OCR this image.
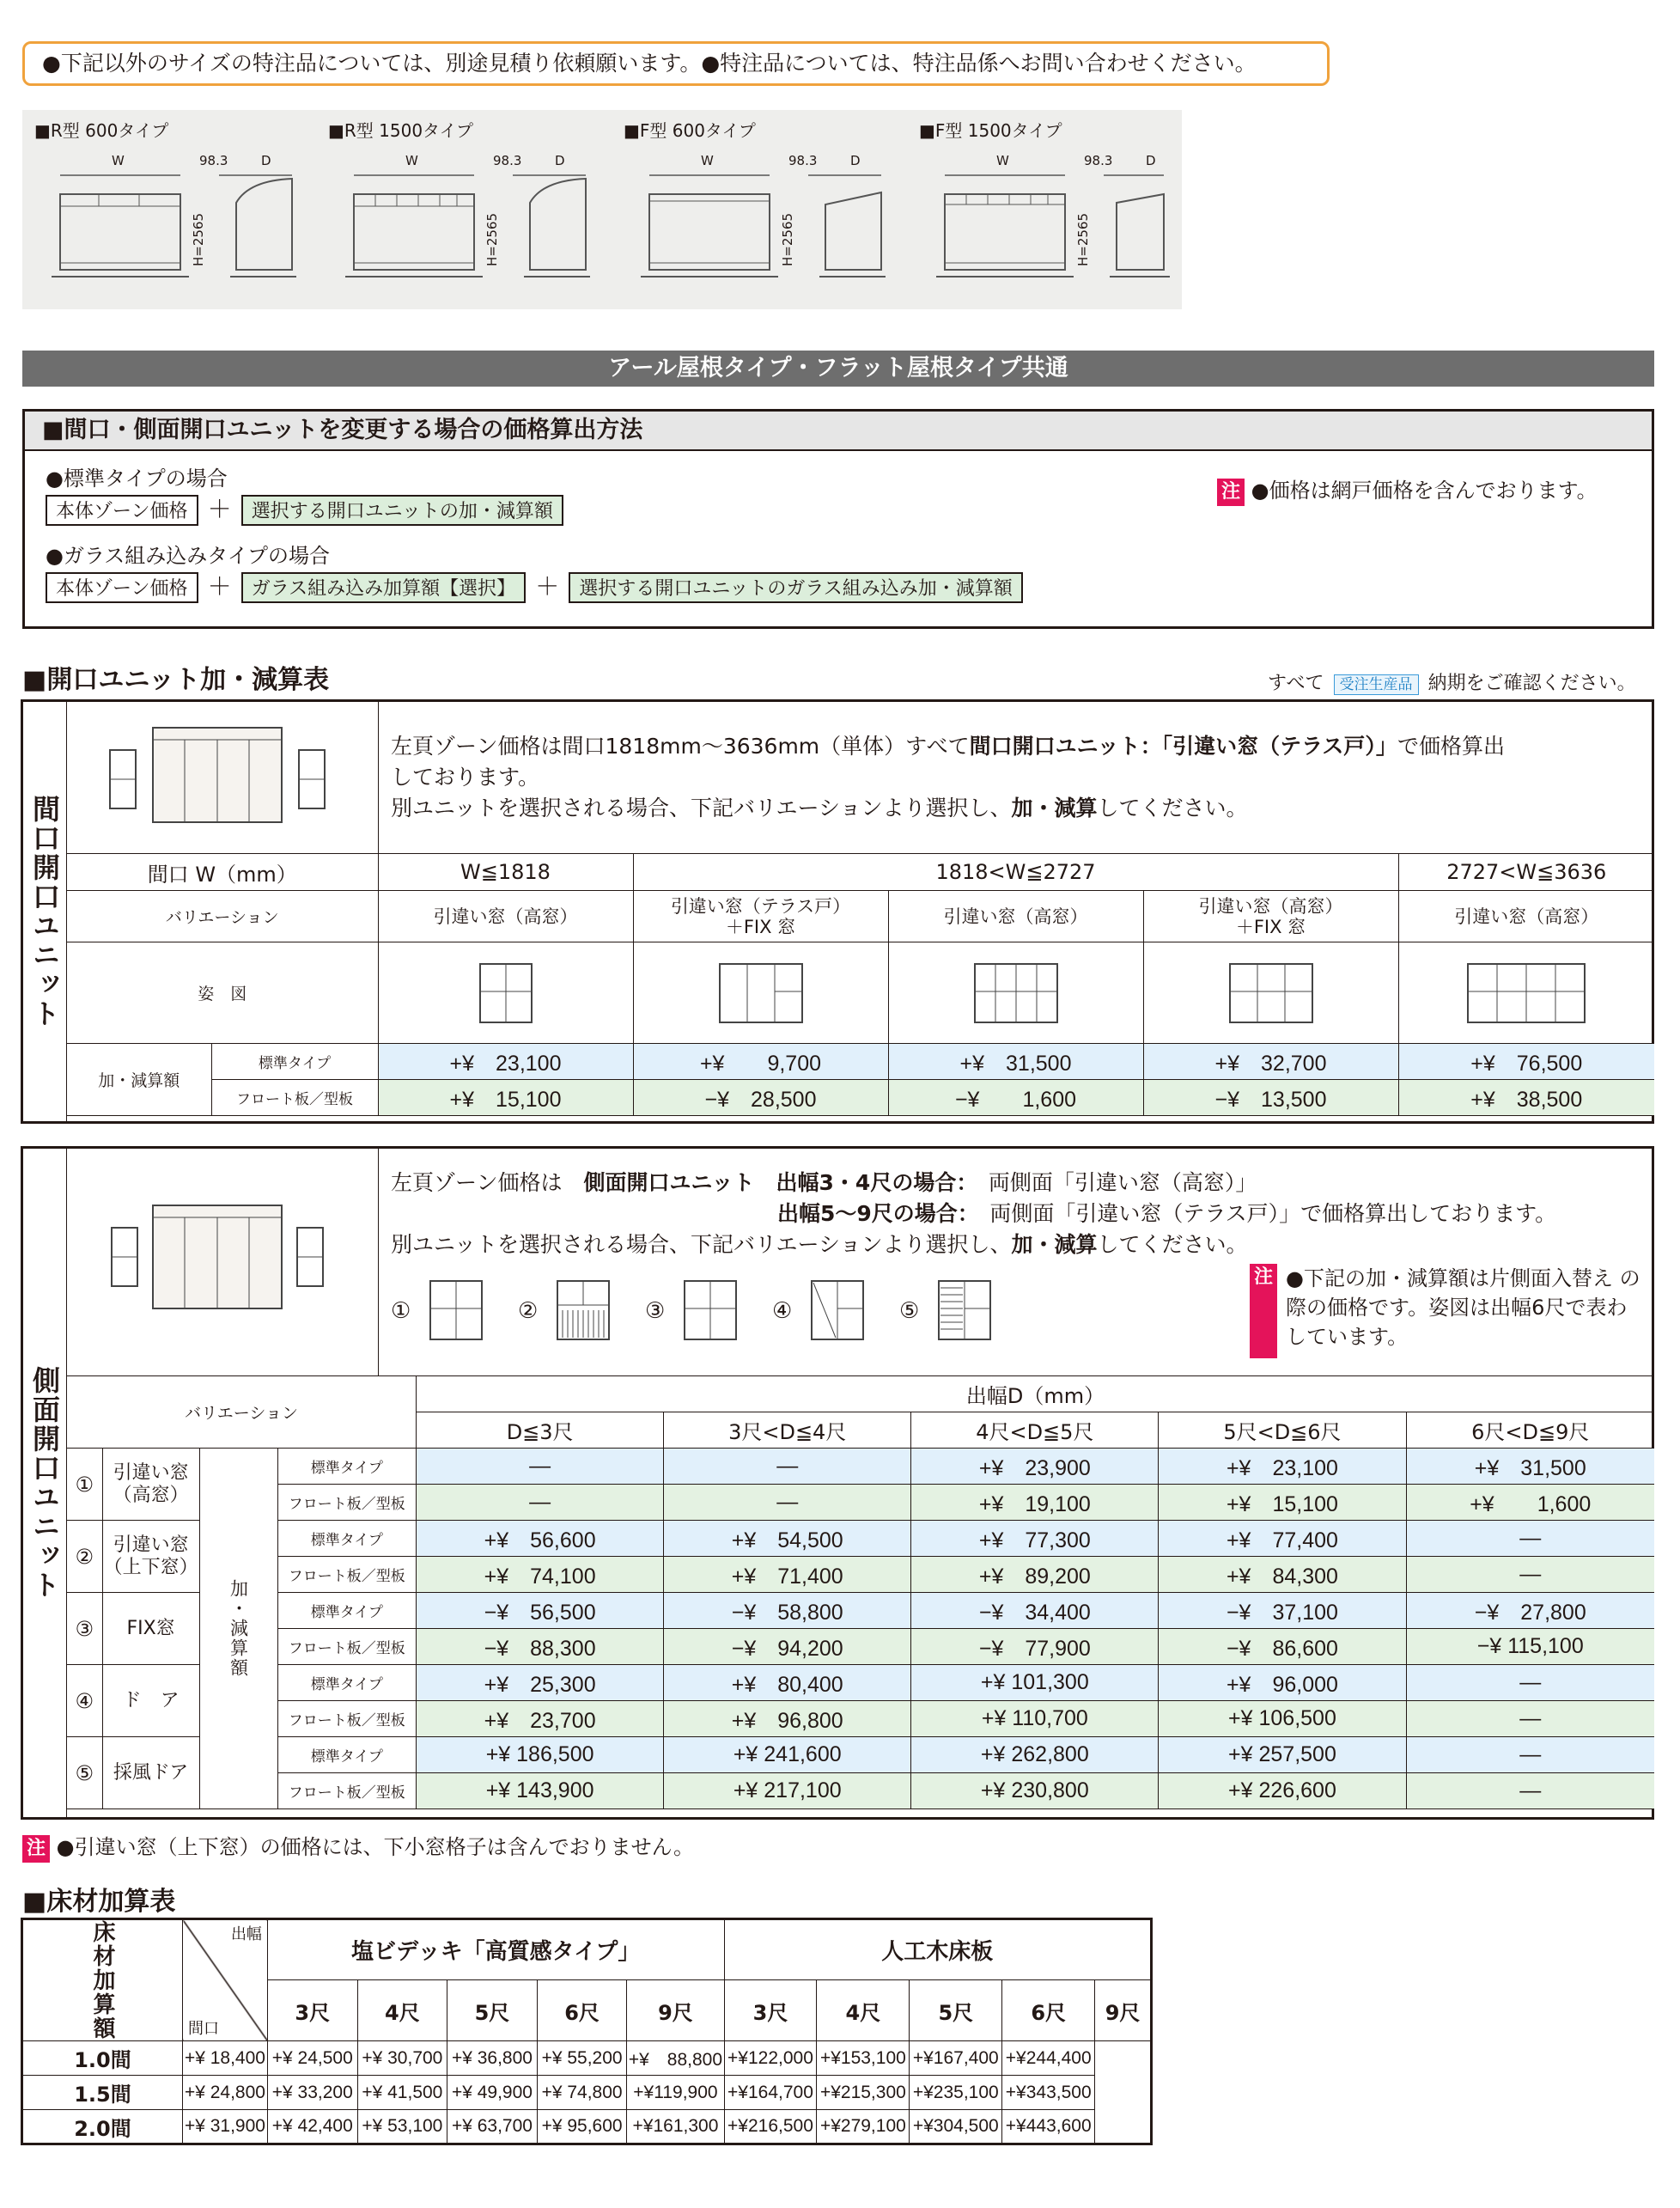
●下記以外のサイズの特注品については、別途見積り依頼願います。●特注品については、特注品係へお問い合わせください。
■R型 600タイプ	■R型 1500タイプ	■F型 600タイプ	■F型 1500タイプ
W	98.3	D
H=2565
W	98.3	D
H=2565
W	98.3	D
H=2565
W	98.3	D
H=2565
アール屋根タイプ・フラット屋根タイプ共通
■間口・側面開口ユニットを変更する場合の価格算出方法
●標準タイプの場合
本体ゾーン価格 ＋ 選択する開口ユニットの加・減算額
●ガラス組み込みタイプの場合
本体ゾーン価格 ＋ ガラス組み込み加算額【選択】 ＋ 選択する開口ユニットのガラス組み込み加・減算額
注 ●価格は網戸価格を含んでおります。
■開口ユニット加・減算表	すべて 受注生産品 納期をご確認ください。
間口開口ユニット
左頁ゾーン価格は間口1818mm～3636mm（単体）すべて間口開口ユニット：「引違い窓（テラス戸）」で価格算出
しております。
別ユニットを選択される場合、下記バリエーションより選択し、加・減算してください。
間口 W（mm）		W≦1818	1818<W≦2727			2727<W≦3636
バリエーション		引違い窓（高窓）	引違い窓（テラス戸）
＋FIX 窓	引違い窓（高窓）	引違い窓（高窓）
＋FIX 窓	引違い窓（高窓）
姿　図	

加・減算額	標準タイプ	+¥　23,100	+¥　　9,700	+¥　31,500	+¥　32,700	+¥　76,500
	フロート板／型板	+¥　15,100	−¥　28,500	−¥　　1,600	−¥　13,500	+¥　38,500
側面開口ユニット
左頁ゾーン価格は　 側面開口ユニット　出幅3・4尺の場合：　 両側面「引違い窓（高窓）」
出幅5～9尺の場合：　 両側面「引違い窓（テラス戸）」で価格算出しております。
別ユニットを選択される場合、下記バリエーションより選択し、加・減算してください。
①	②	③	④	⑤
注 ●下記の加・減算額は片側面入替え の際の価格です。姿図は出幅6尺で表わしています。
バリエーション				出幅D（mm）				
				D≦3尺	3尺<D≦4尺	4尺<D≦5尺	5尺<D≦6尺	6尺<D≦9尺
①	引違い窓
（高窓）	加・減算額	標準タイプ	—	—	+¥　23,900	+¥　23,100	+¥　31,500
			フロート板／型板	—	—	+¥　19,100	+¥　15,100	+¥　　1,600
②	引違い窓
（上下窓）		標準タイプ	+¥　56,600	+¥　54,500	+¥　77,300	+¥　77,400	—
			フロート板／型板	+¥　74,100	+¥　71,400	+¥　89,200	+¥　84,300	—
③	FIX窓		標準タイプ	−¥　56,500	−¥　58,800	−¥　34,400	−¥　37,100	−¥　27,800
			フロート板／型板	−¥　88,300	−¥　94,200	−¥　77,900	−¥　86,600	−¥ 115,100
④	ド　ア		標準タイプ	+¥　25,300	+¥　80,400	+¥ 101,300	+¥　96,000	—
			フロート板／型板	+¥　23,700	+¥　96,800	+¥ 110,700	+¥ 106,500	—
⑤	採風ドア		標準タイプ	+¥ 186,500	+¥ 241,600	+¥ 262,800	+¥ 257,500	—
			フロート板／型板	+¥ 143,900	+¥ 217,100	+¥ 230,800	+¥ 226,600	—
注 ●引違い窓（上下窓）の価格には、下小窓格子は含んでおりません。
■床材加算表
床材加算額	出幅
間口	塩ビデッキ「高質感タイプ」					人工木床板				
		3尺	4尺	5尺	6尺	9尺	3尺	4尺	5尺	6尺	9尺
1.0間	+¥ 18,400	+¥ 24,500	+¥ 30,700	+¥ 36,800	+¥ 55,200	+¥　88,800	+¥122,000	+¥153,100	+¥167,400	+¥244,400	
1.5間	+¥ 24,800	+¥ 33,200	+¥ 41,500	+¥ 49,900	+¥ 74,800	+¥119,900	+¥164,700	+¥215,300	+¥235,100	+¥343,500	
2.0間	+¥ 31,900	+¥ 42,400	+¥ 53,100	+¥ 63,700	+¥ 95,600	+¥161,300	+¥216,500	+¥279,100	+¥304,500	+¥443,600	
